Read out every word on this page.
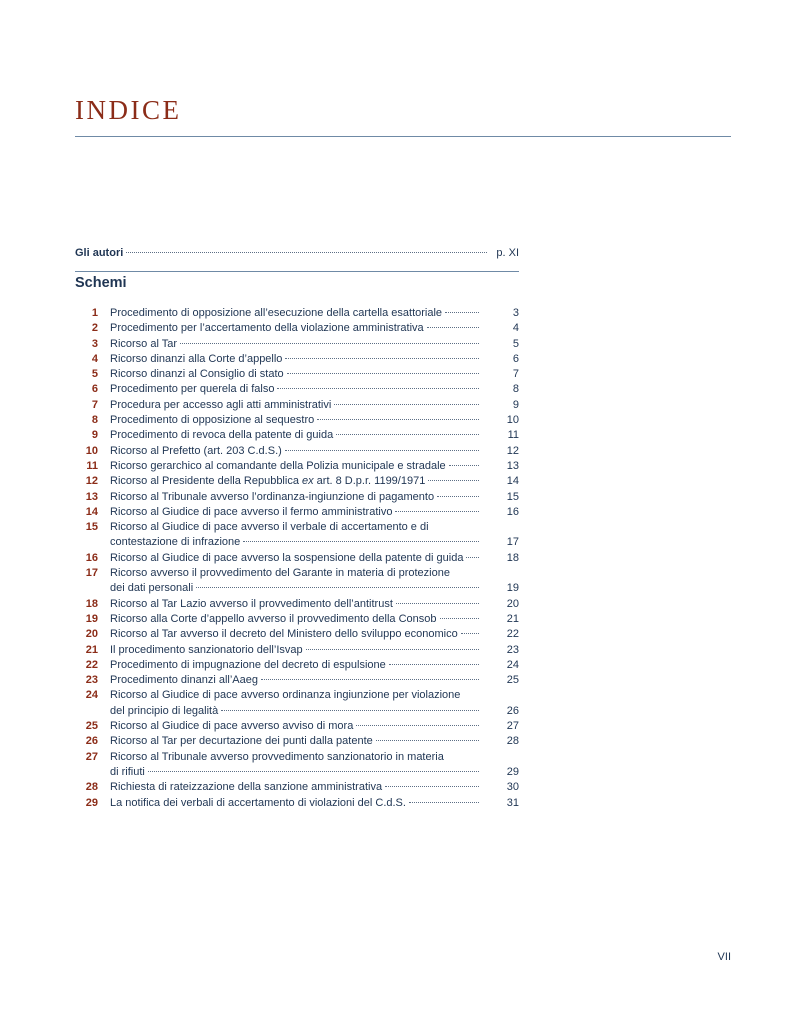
INDICE
Gli autori	p. XI
Schemi
1 Procedimento di opposizione all’esecuzione della cartella esattoriale	3
2 Procedimento per l’accertamento della violazione amministrativa	4
3 Ricorso al Tar	5
4 Ricorso dinanzi alla Corte d’appello	6
5 Ricorso dinanzi al Consiglio di stato	7
6 Procedimento per querela di falso	8
7 Procedura per accesso agli atti amministrativi	9
8 Procedimento di opposizione al sequestro	10
9 Procedimento di revoca della patente di guida	11
10 Ricorso al Prefetto (art. 203 C.d.S.)	12
11 Ricorso gerarchico al comandante della Polizia municipale e stradale	13
12 Ricorso al Presidente della Repubblica ex art. 8 D.p.r. 1199/1971	14
13 Ricorso al Tribunale avverso l’ordinanza-ingiunzione di pagamento	15
14 Ricorso al Giudice di pace avverso il fermo amministrativo	16
15 Ricorso al Giudice di pace avverso il verbale di accertamento e di
contestazione di infrazione	17
16 Ricorso al Giudice di pace avverso la sospensione della patente di guida	18
17 Ricorso avverso il provvedimento del Garante in materia di protezione
dei dati personali	19
18 Ricorso al Tar Lazio avverso il provvedimento dell’antitrust	20
19 Ricorso alla Corte d’appello avverso il provvedimento della Consob	21
20 Ricorso al Tar avverso il decreto del Ministero dello sviluppo economico	22
21 Il procedimento sanzionatorio dell’Isvap	23
22 Procedimento di impugnazione del decreto di espulsione	24
23 Procedimento dinanzi all’Aaeg	25
24 Ricorso al Giudice di pace avverso ordinanza ingiunzione per violazione
del principio di legalità	26
25 Ricorso al Giudice di pace avverso avviso di mora	27
26 Ricorso al Tar per decurtazione dei punti dalla patente	28
27 Ricorso al Tribunale avverso provvedimento sanzionatorio in materia
di rifiuti	29
28 Richiesta di rateizzazione della sanzione amministrativa	30
29 La notifica dei verbali di accertamento di violazioni del C.d.S.	31
VII
